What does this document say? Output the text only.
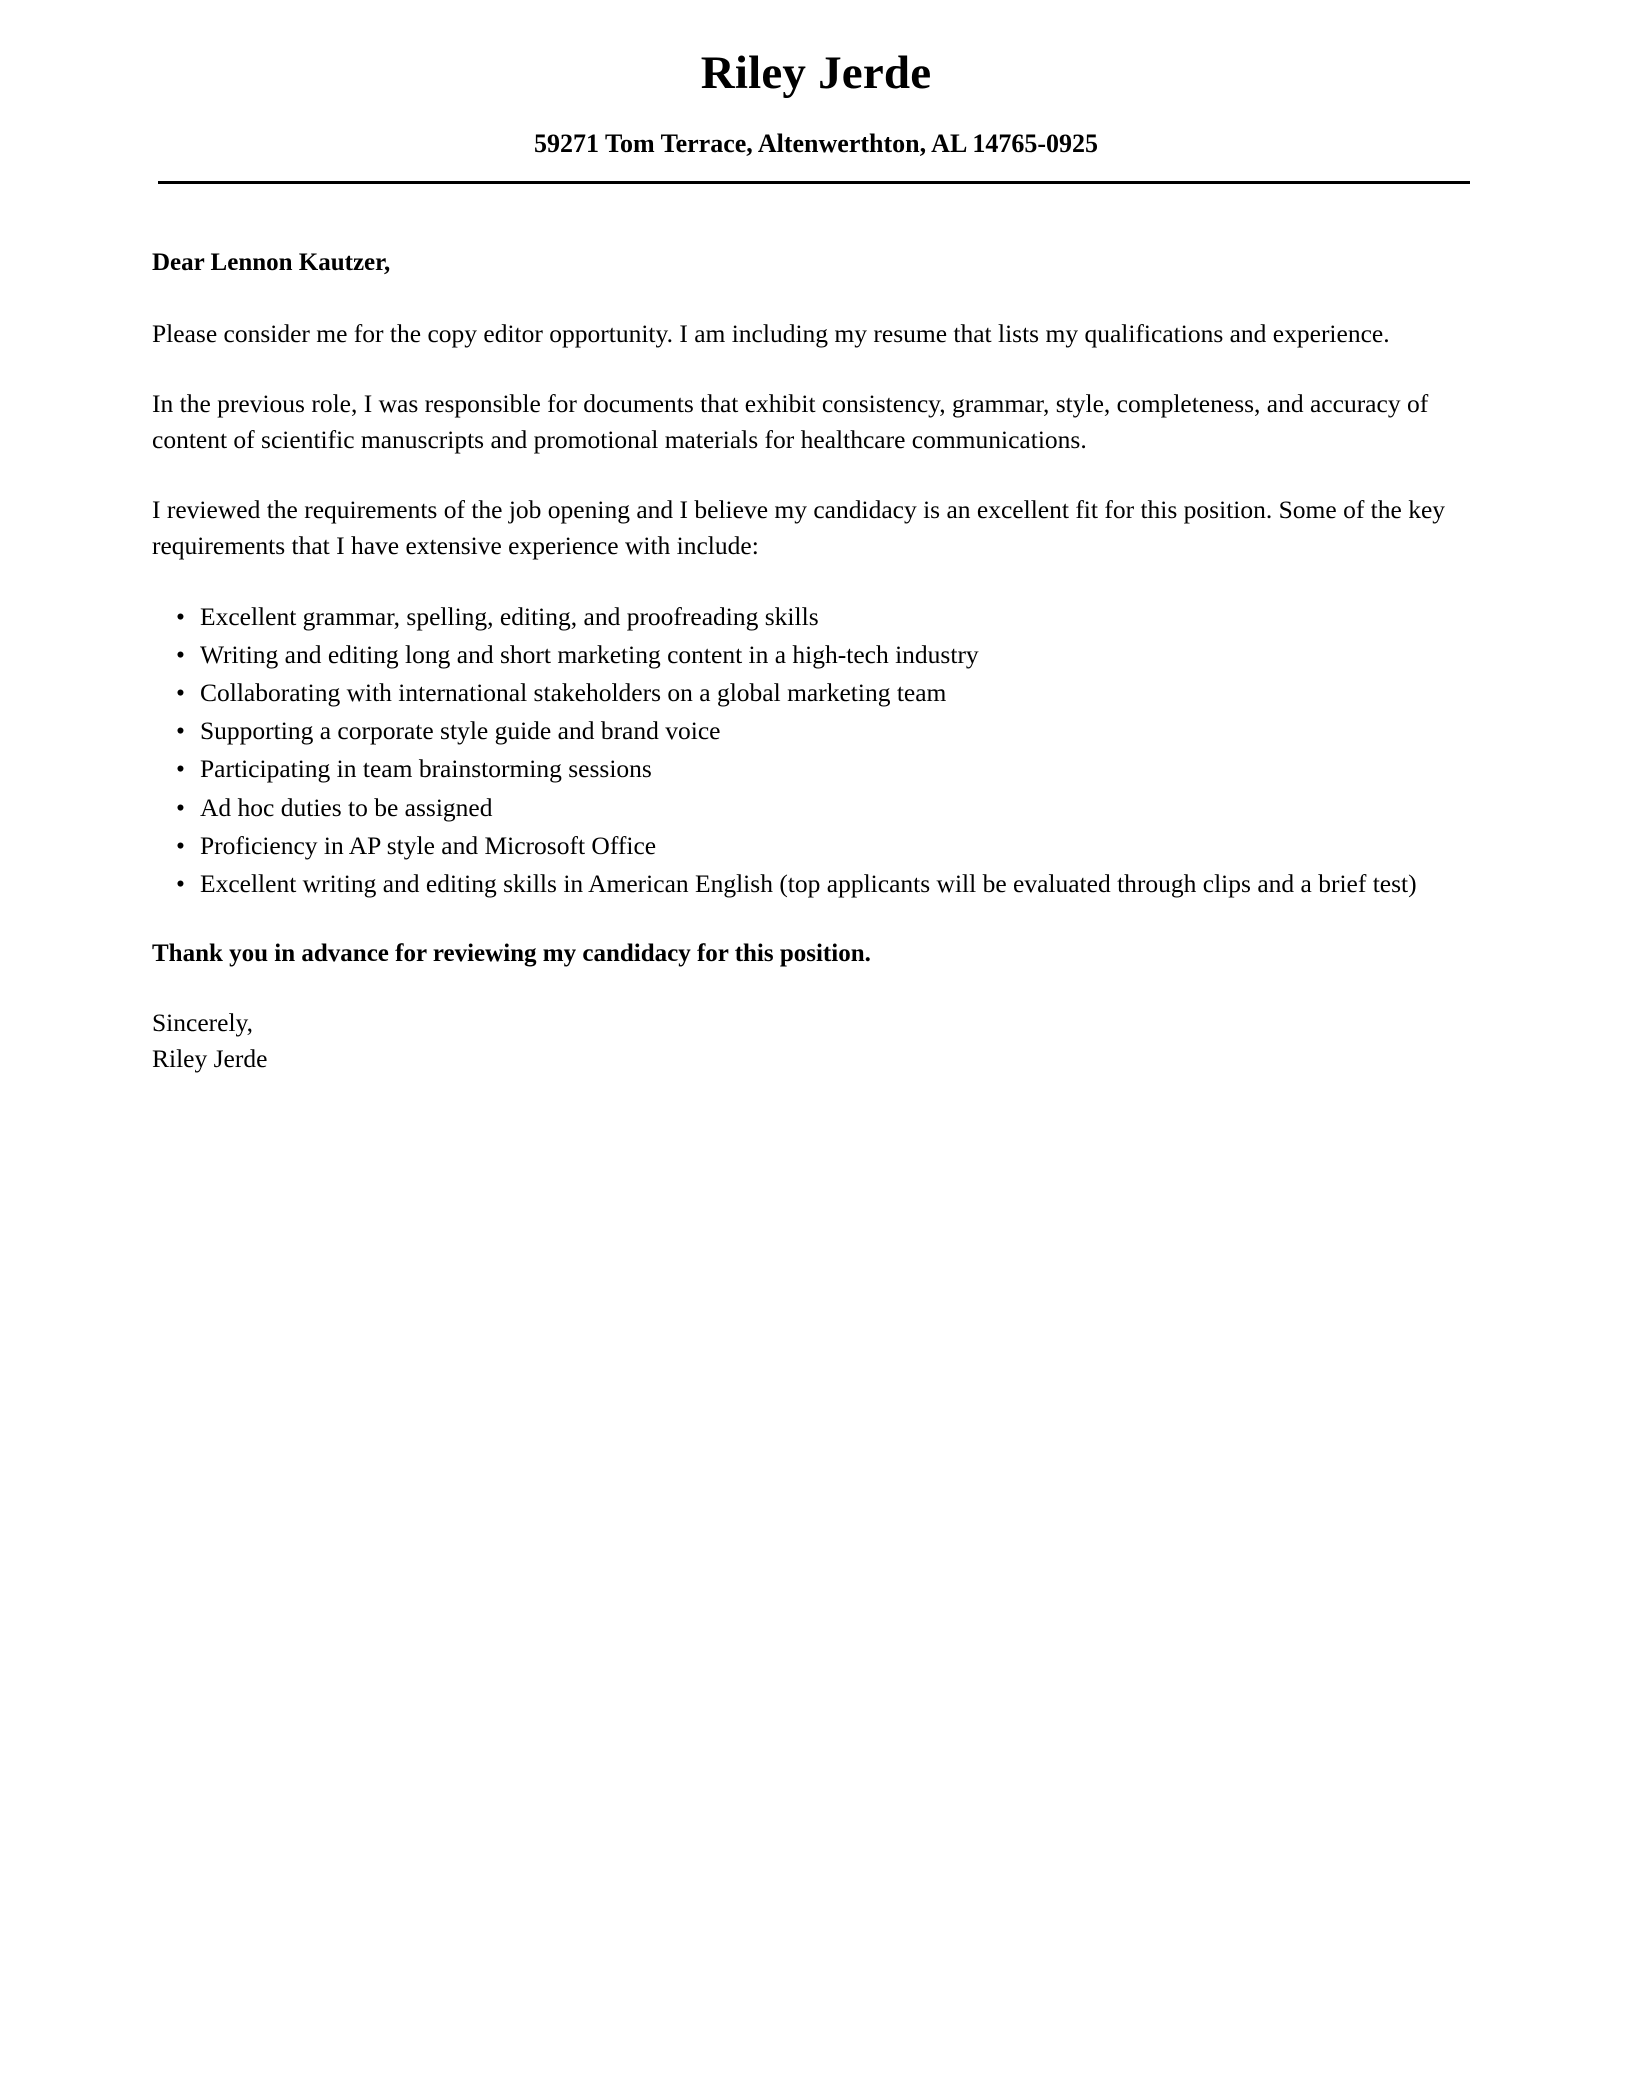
Riley Jerde
59271 Tom Terrace, Altenwerthton, AL 14765-0925

Dear Lennon Kautzer,

Please consider me for the copy editor opportunity. I am including my resume that lists my qualifications and experience.

In the previous role, I was responsible for documents that exhibit consistency, grammar, style, completeness, and accuracy of content of scientific manuscripts and promotional materials for healthcare communications.

I reviewed the requirements of the job opening and I believe my candidacy is an excellent fit for this position. Some of the key requirements that I have extensive experience with include:

• Excellent grammar, spelling, editing, and proofreading skills
• Writing and editing long and short marketing content in a high-tech industry
• Collaborating with international stakeholders on a global marketing team
• Supporting a corporate style guide and brand voice
• Participating in team brainstorming sessions
• Ad hoc duties to be assigned
• Proficiency in AP style and Microsoft Office
• Excellent writing and editing skills in American English (top applicants will be evaluated through clips and a brief test)

Thank you in advance for reviewing my candidacy for this position.

Sincerely,

Riley Jerde
